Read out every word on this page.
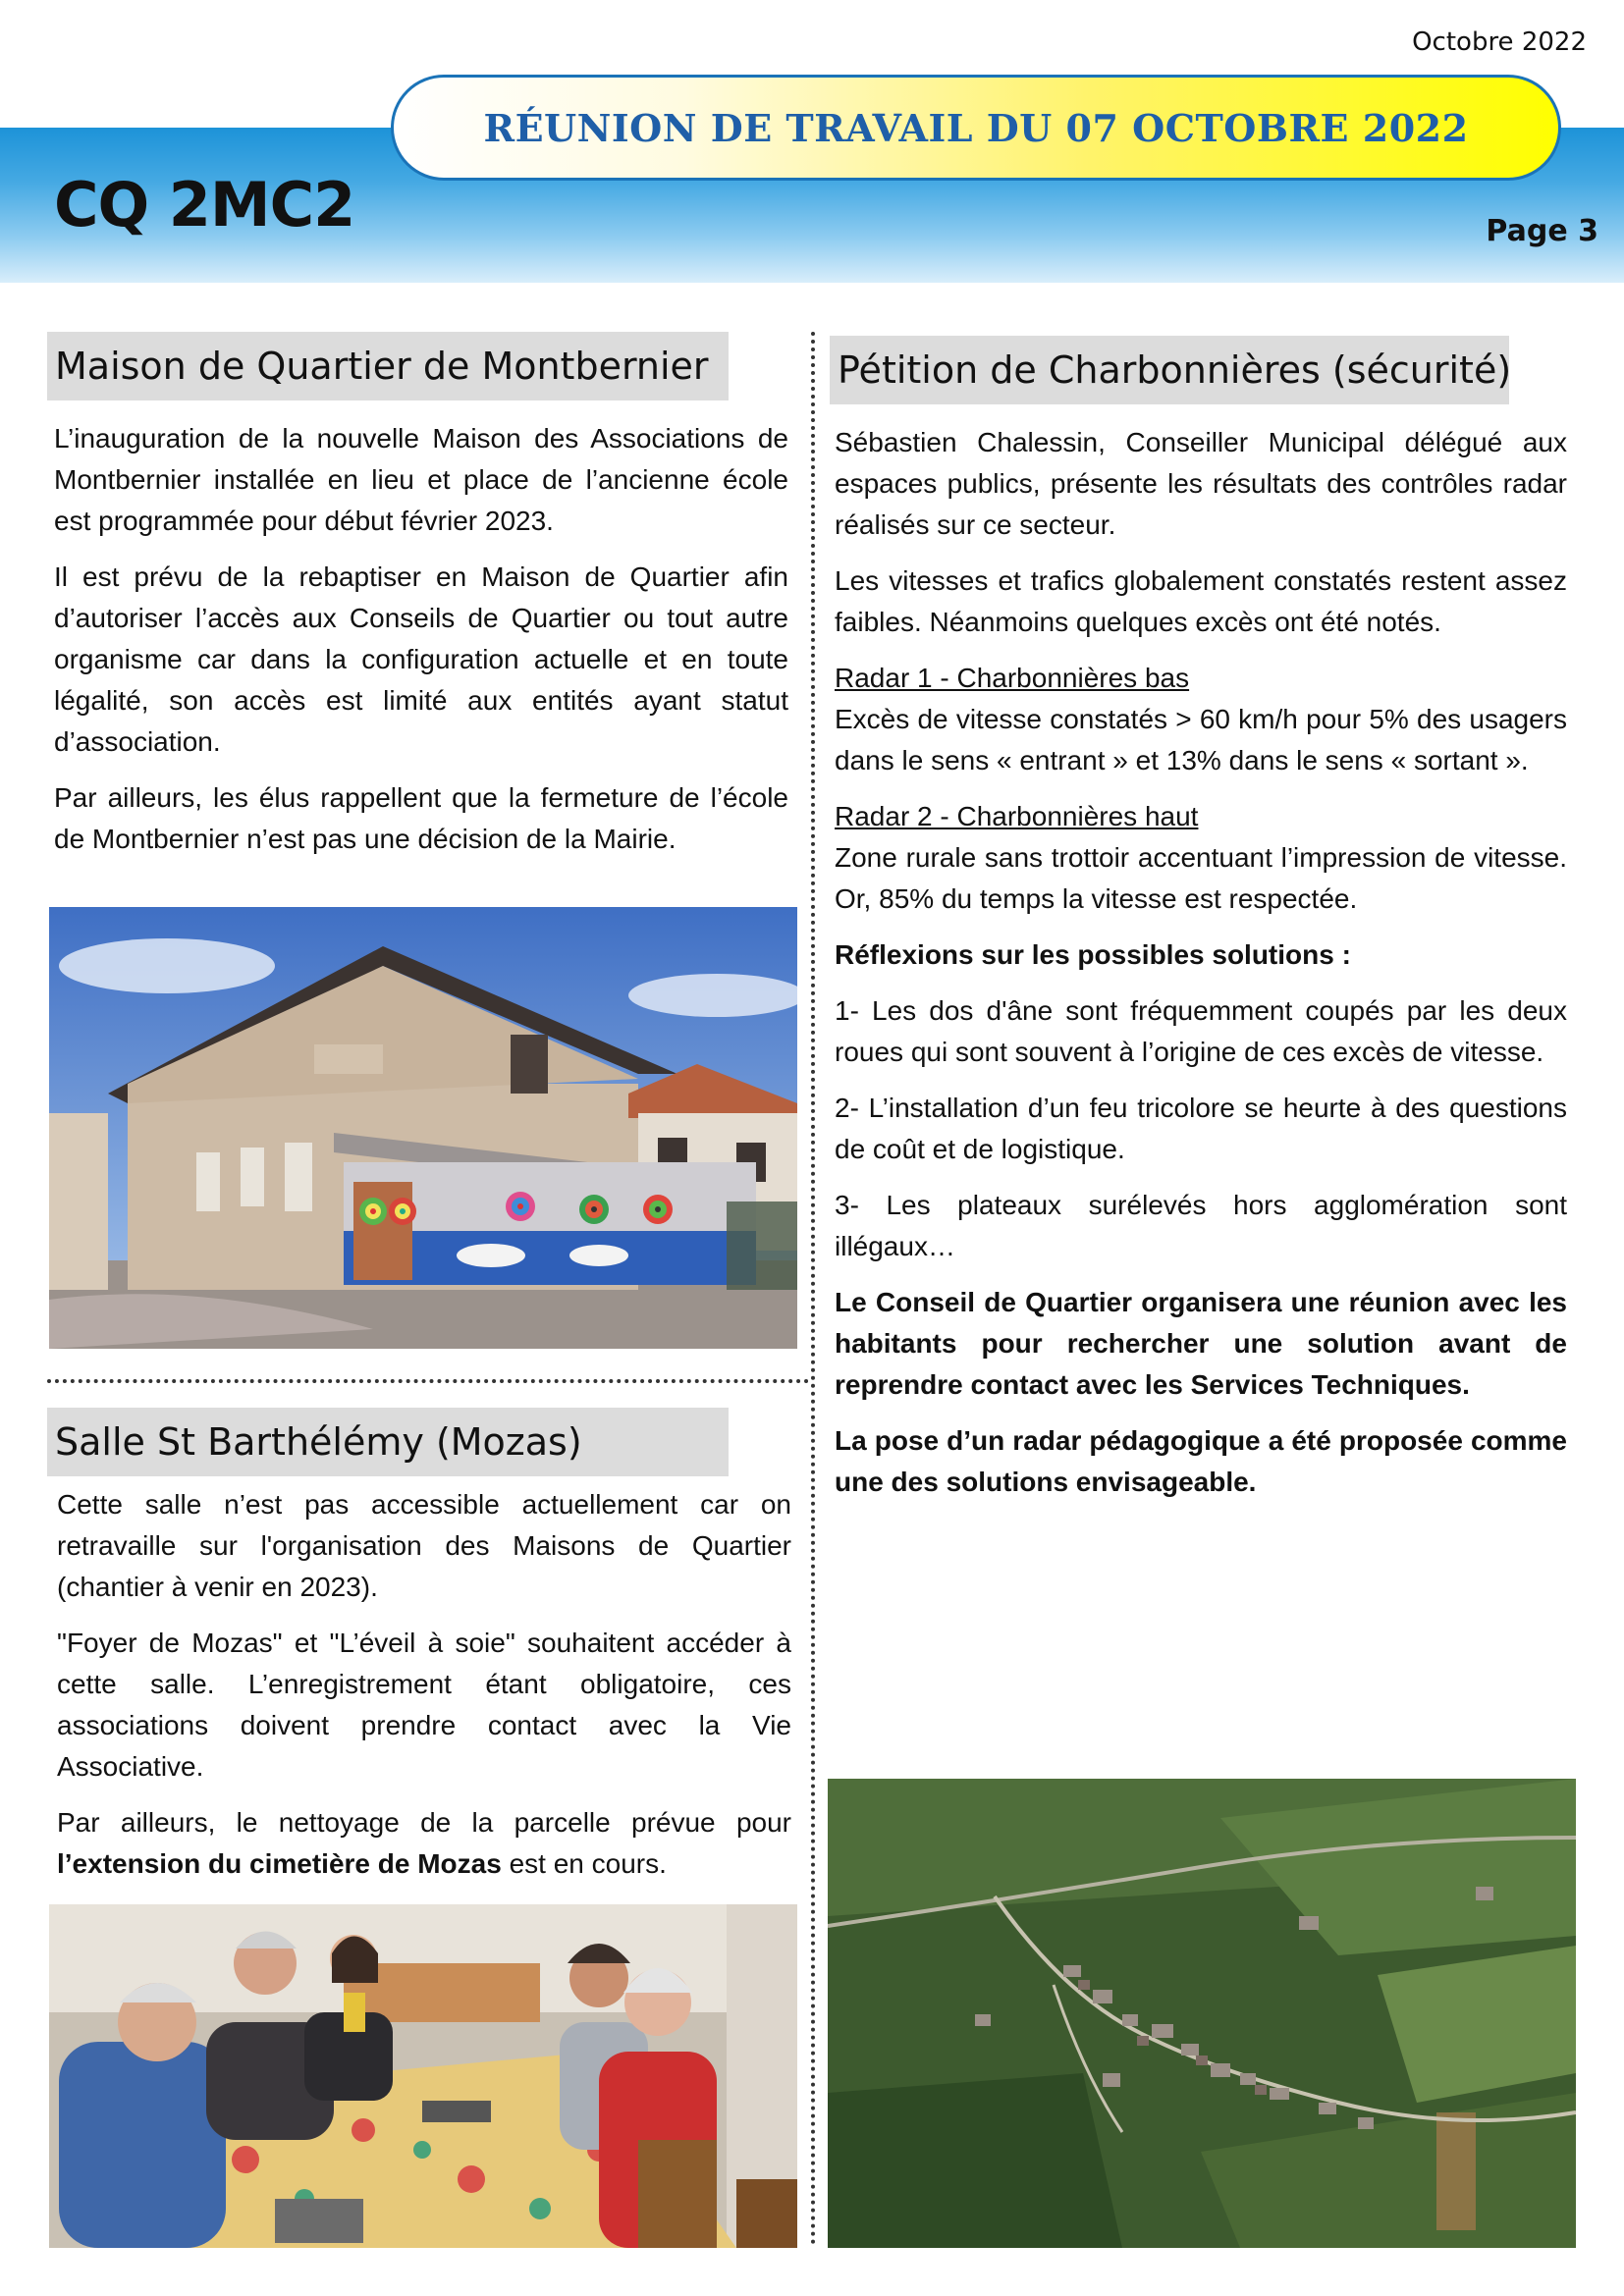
Octobre 2022
CQ 2MC2
RÉUNION DE TRAVAIL DU 07 OCTOBRE 2022
Page 3
Maison de Quartier de Montbernier

L’inauguration de la nouvelle Maison des Associations de Montbernier installée en lieu et place de l’ancienne école est programmée pour début février 2023.

Il est prévu de la rebaptiser en Maison de Quartier afin d’autoriser l’accès aux Conseils de Quartier ou tout autre organisme car dans la configuration actuelle et en toute légalité, son accès est limité aux entités ayant statut d’association.

Par ailleurs, les élus rappellent que la fermeture de l’école de Montbernier n’est pas une décision de la Mairie.

Salle St Barthélémy (Mozas)

Cette salle n’est pas accessible actuellement car on retravaille sur l'organisation des Maisons de Quartier (chantier à venir en 2023).

"Foyer de Mozas" et "L’éveil à soie" souhaitent accéder à cette salle. L’enregistrement étant obligatoire, ces associations doivent prendre contact avec la Vie Associative.

Par ailleurs, le nettoyage de la parcelle prévue pour l’extension du cimetière de Mozas est en cours.

Pétition de Charbonnières (sécurité)

Sébastien Chalessin, Conseiller Municipal délégué aux espaces publics, présente les résultats des contrôles radar réalisés sur ce secteur.

Les vitesses et trafics globalement constatés restent assez faibles. Néanmoins quelques excès ont été notés.

Radar 1 - Charbonnières bas

Excès de vitesse constatés > 60 km/h pour 5% des usagers dans le sens « entrant » et 13% dans le sens « sortant ».

Radar 2 - Charbonnières haut

Zone rurale sans trottoir accentuant l’impression de vitesse. Or, 85% du temps la vitesse est respectée.

Réflexions sur les possibles solutions :

1- Les dos d'âne sont fréquemment coupés par les deux roues qui sont souvent à l’origine de ces excès de vitesse.

2- L’installation d’un feu tricolore se heurte à des questions de coût et de logistique.

3- Les plateaux surélevés hors agglomération sont illégaux…

Le Conseil de Quartier organisera une réunion avec les habitants pour rechercher une solution avant de reprendre contact avec les Services Techniques.

La pose d’un radar pédagogique a été proposée comme une des solutions envisageable.
